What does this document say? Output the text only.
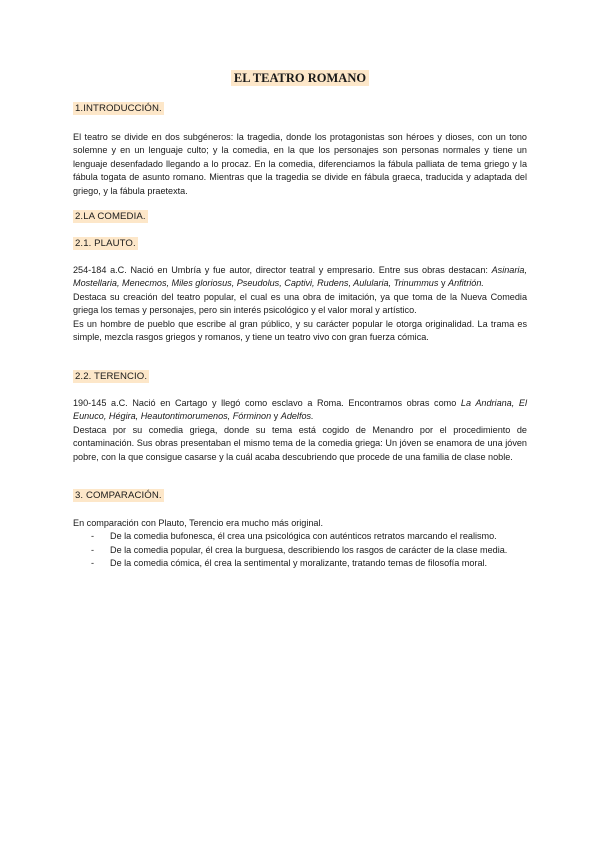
EL TEATRO ROMANO
1.INTRODUCCIÓN.

El teatro se divide en dos subgéneros: la tragedia, donde los protagonistas son héroes y dioses, con un tono solemne y en un lenguaje culto; y la comedia, en la que los personajes son personas normales y tiene un lenguaje desenfadado llegando a lo procaz. En la comedia, diferenciamos la fábula palliata de tema griego y la fábula togata de asunto romano. Mientras que la tragedia se divide en fábula graeca, traducida y adaptada del griego, y la fábula praetexta.

2.LA COMEDIA.
2.1. PLAUTO.

254-184 a.C. Nació en Umbría y fue autor, director teatral y empresario. Entre sus obras destacan: Asinaria, Mostellaria, Menecmos, Miles gloriosus, Pseudolus, Captivi, Rudens, Aulularia, Trinummus y Anfitrión.

Destaca su creación del teatro popular, el cual es una obra de imitación, ya que toma de la Nueva Comedia griega los temas y personajes, pero sin interés psicológico y el valor moral y artístico.

Es un hombre de pueblo que escribe al gran público, y su carácter popular le otorga originalidad. La trama es simple, mezcla rasgos griegos y romanos, y tiene un teatro vivo con gran fuerza cómica.

2.2. TERENCIO.

190-145 a.C. Nació en Cartago y llegó como esclavo a Roma. Encontramos obras como La Andriana, El Eunuco, Hégira, Heautontimorumenos, Fórminon y Adelfos.

Destaca por su comedia griega, donde su tema está cogido de Menandro por el procedimiento de contaminación. Sus obras presentaban el mismo tema de la comedia griega: Un jóven se enamora de una jóven pobre, con la que consigue casarse y la cuál acaba descubriendo que procede de una familia de clase noble.

3. COMPARACIÓN.

En comparación con Plauto, Terencio era mucho más original.

- De la comedia bufonesca, él crea una psicológica con auténticos retratos marcando el realismo.
- De la comedia popular, él crea la burguesa, describiendo los rasgos de carácter de la clase media.
- De la comedia cómica, él crea la sentimental y moralizante, tratando temas de filosofía moral.
